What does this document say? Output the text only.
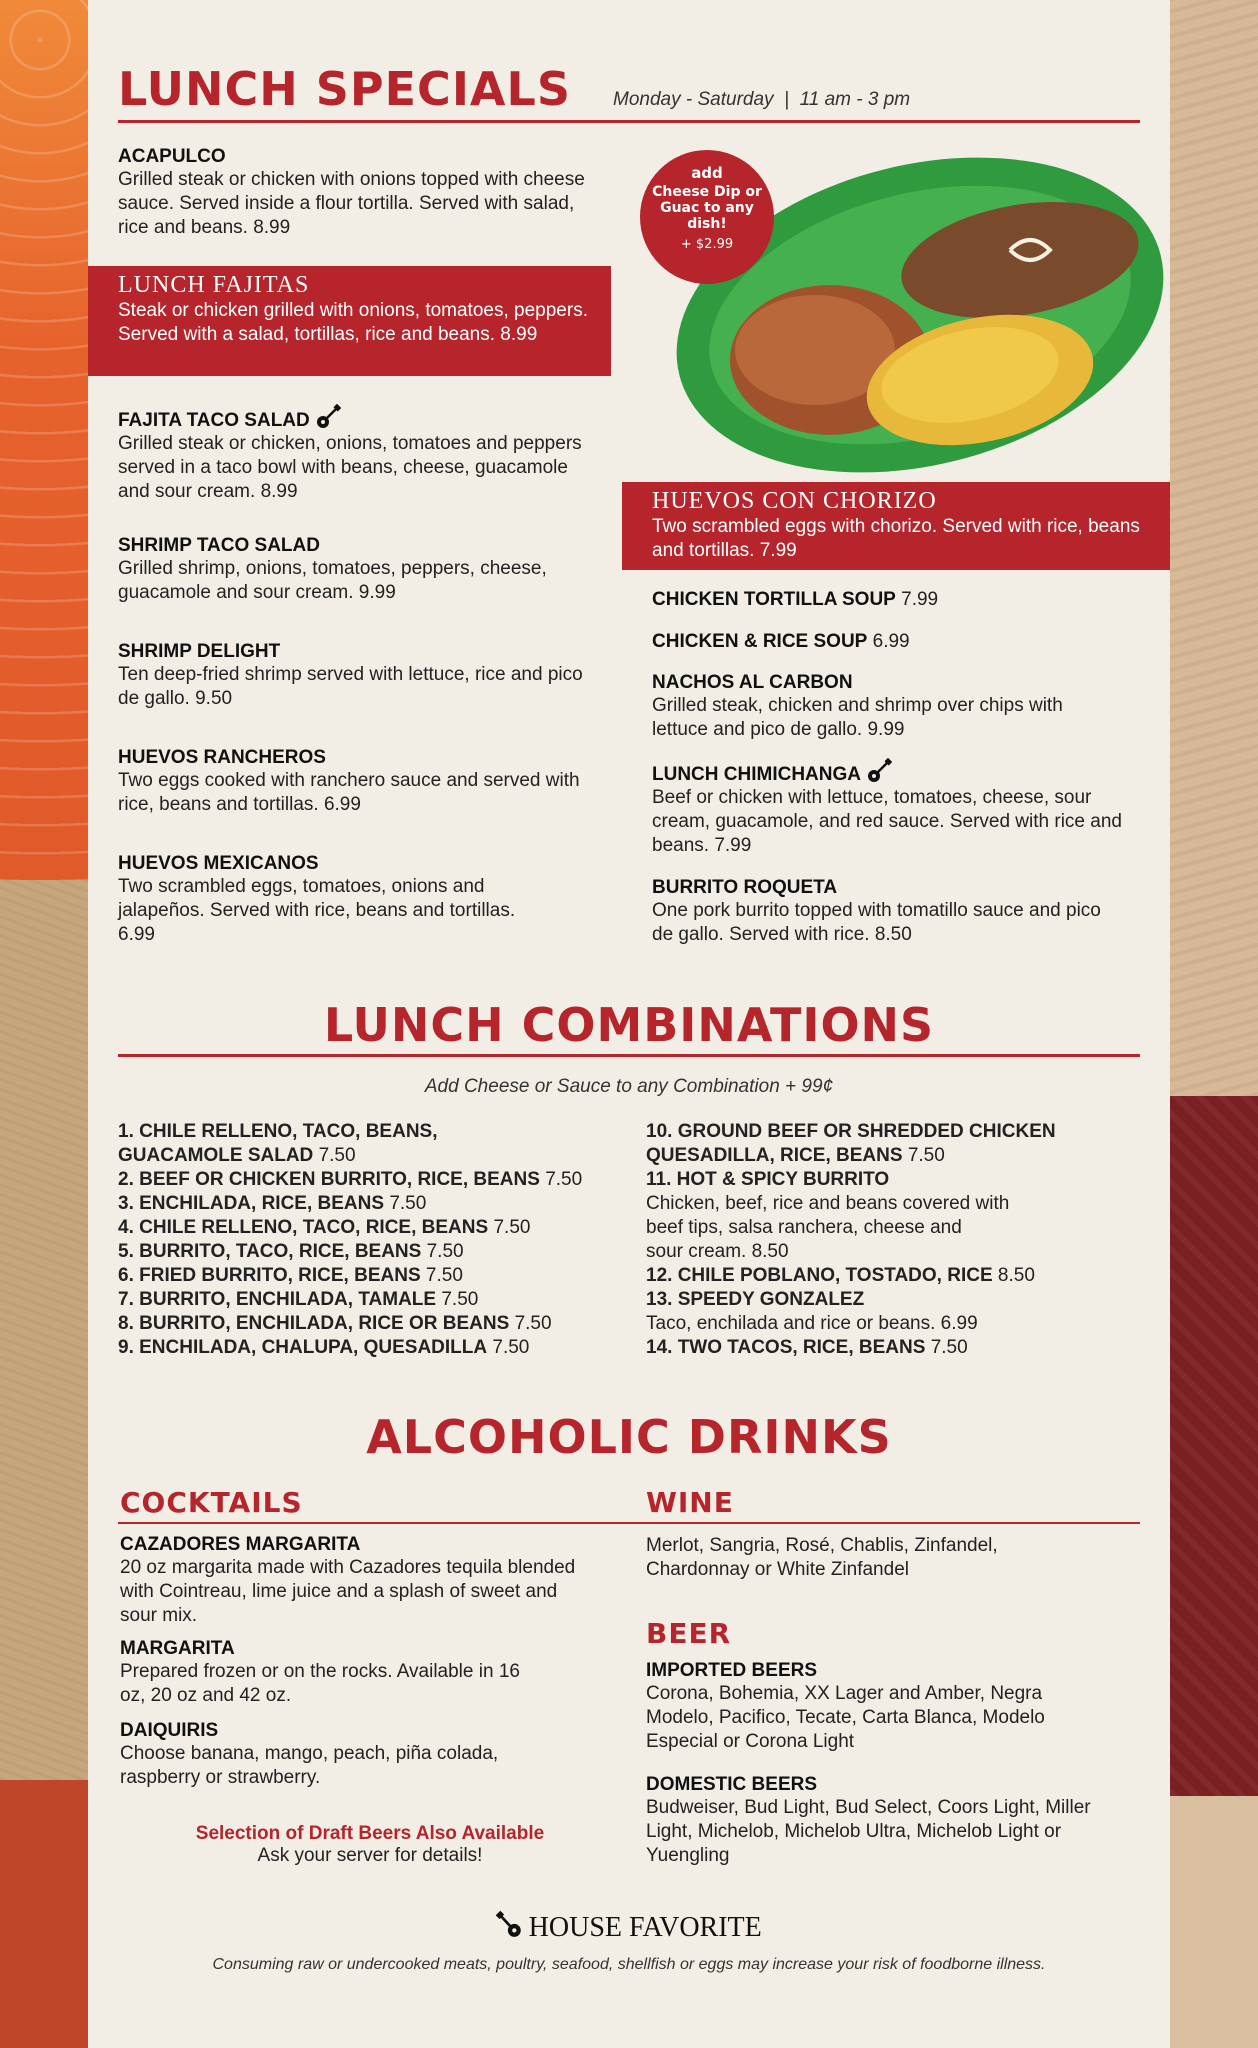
LUNCH SPECIALS Monday - Saturday  |  11 am - 3 pm
ACAPULCO
Grilled steak or chicken with onions topped with cheese sauce. Served inside a flour tortilla. Served with salad, rice and beans. 8.99
LUNCH FAJITAS
Steak or chicken grilled with onions, tomatoes, peppers. Served with a salad, tortillas, rice and beans. 8.99
FAJITA TACO SALAD
Grilled steak or chicken, onions, tomatoes and peppers served in a taco bowl with beans, cheese, guacamole and sour cream. 8.99
SHRIMP TACO SALAD
Grilled shrimp, onions, tomatoes, peppers, cheese, guacamole and sour cream. 9.99
SHRIMP DELIGHT
Ten deep-fried shrimp served with lettuce, rice and pico de gallo. 9.50
HUEVOS RANCHEROS
Two eggs cooked with ranchero sauce and served with rice, beans and tortillas. 6.99
HUEVOS MEXICANOS
Two scrambled eggs, tomatoes, onions and jalapeños. Served with rice, beans and tortillas. 6.99
add
Cheese Dip or Guac to any dish!
+ $2.99
HUEVOS CON CHORIZO
Two scrambled eggs with chorizo. Served with rice, beans and tortillas. 7.99
CHICKEN TORTILLA SOUP 7.99
CHICKEN & RICE SOUP 6.99
NACHOS AL CARBON
Grilled steak, chicken and shrimp over chips with lettuce and pico de gallo. 9.99
LUNCH CHIMICHANGA
Beef or chicken with lettuce, tomatoes, cheese, sour cream, guacamole, and red sauce. Served with rice and beans. 7.99
BURRITO ROQUETA
One pork burrito topped with tomatillo sauce and pico de gallo. Served with rice. 8.50
LUNCH COMBINATIONS
Add Cheese or Sauce to any Combination + 99¢
1. CHILE RELLENO, TACO, BEANS,
GUACAMOLE SALAD 7.50
2. BEEF OR CHICKEN BURRITO, RICE, BEANS 7.50
3. ENCHILADA, RICE, BEANS 7.50
4. CHILE RELLENO, TACO, RICE, BEANS 7.50
5. BURRITO, TACO, RICE, BEANS 7.50
6. FRIED BURRITO, RICE, BEANS 7.50
7. BURRITO, ENCHILADA, TAMALE 7.50
8. BURRITO, ENCHILADA, RICE OR BEANS 7.50
9. ENCHILADA, CHALUPA, QUESADILLA 7.50
10. GROUND BEEF OR SHREDDED CHICKEN
QUESADILLA, RICE, BEANS 7.50
11. HOT & SPICY BURRITO
Chicken, beef, rice and beans covered with
beef tips, salsa ranchera, cheese and
sour cream. 8.50
12. CHILE POBLANO, TOSTADO, RICE 8.50
13. SPEEDY GONZALEZ
Taco, enchilada and rice or beans. 6.99
14. TWO TACOS, RICE, BEANS 7.50
ALCOHOLIC DRINKS
COCKTAILS
CAZADORES MARGARITA
20 oz margarita made with Cazadores tequila blended with Cointreau, lime juice and a splash of sweet and sour mix.
MARGARITA
Prepared frozen or on the rocks. Available in 16 oz, 20 oz and 42 oz.
DAIQUIRIS
Choose banana, mango, peach, piña colada, raspberry or strawberry.
Selection of Draft Beers Also Available
Ask your server for details!
WINE
Merlot, Sangria, Rosé, Chablis, Zinfandel, Chardonnay or White Zinfandel
BEER
IMPORTED BEERS
Corona, Bohemia, XX Lager and Amber, Negra Modelo, Pacifico, Tecate, Carta Blanca, Modelo Especial or Corona Light
DOMESTIC BEERS
Budweiser, Bud Light, Bud Select, Coors Light, Miller Light, Michelob, Michelob Ultra, Michelob Light or Yuengling
HOUSE FAVORITE
Consuming raw or undercooked meats, poultry, seafood, shellfish or eggs may increase your risk of foodborne illness.
